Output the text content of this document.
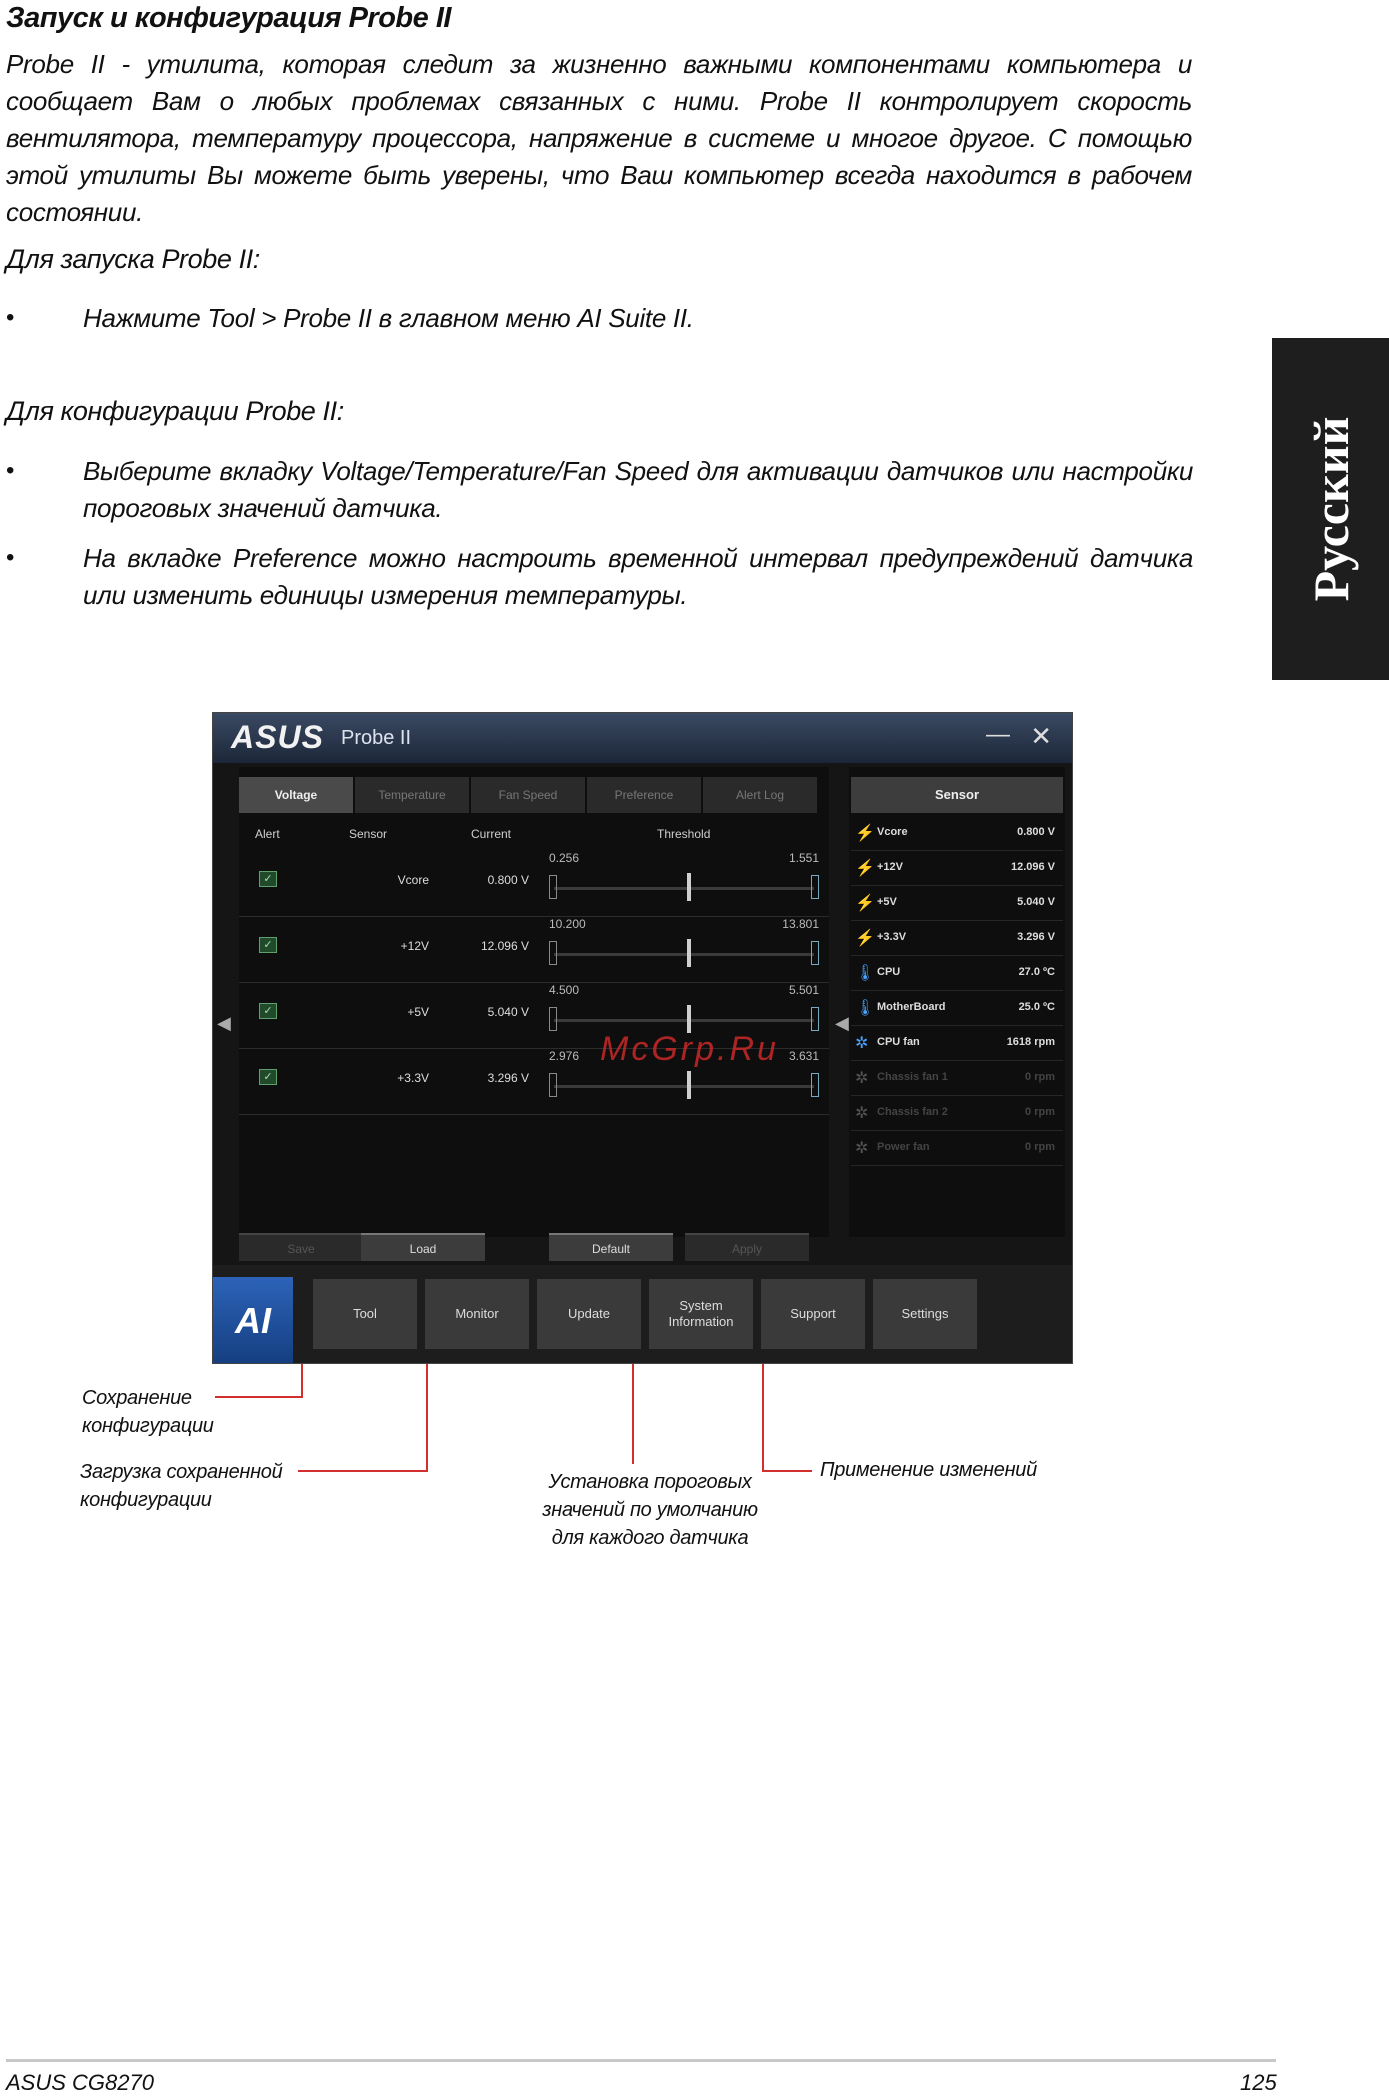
Запуск и конфигурация Probe II
Probe II - утилита, которая следит за жизненно важными компонентами компьютера и сообщает Вам о любых проблемах связанных с ними. Probe II контролирует скорость вентилятора, температуру процессора, напряжение в системе и многое другое. С помощью этой утилиты Вы можете быть уверены, что Ваш компьютер всегда находится в рабочем состоянии.
Для запуска Probe II:
•	Нажмите Tool > Probe II в главном меню AI Suite II.
Для конфигурации Probe II:
•	Выберите вкладку Voltage/Temperature/Fan Speed для активации датчиков или настройки пороговых значений датчика.
•	На вкладке Preference можно настроить временной интервал предупреждений датчика или изменить единицы измерения температуры.	Русский
ASUS Probe II	— ✕
◀	◀
Voltage	Temperature	Fan Speed	Preference	Alert Log
Alert	Sensor	Current	Threshold
✓	Vcore	0.800 V
0.256	1.551
✓	+12V	12.096 V
10.200	13.801
✓	+5V	5.040 V
4.500	5.501
✓	+3.3V	3.296 V
2.976	3.631
Sensor
⚡ Vcore	0.800 V
⚡ +12V	12.096 V
⚡ +5V	5.040 V
⚡ +3.3V	3.296 V
🌡 CPU	27.0 ºC
🌡 MotherBoard	25.0 ºC
✲ CPU fan	1618 rpm
✲ Chassis fan 1	0 rpm
✲ Chassis fan 2	0 rpm
✲ Power fan	0 rpm
Save	Load	Default	Apply
AI	Tool	Monitor	Update
System Information
Support	Settings
McGrp.Ru
Сохранение конфигурации
Загрузка сохраненной конфигурации
Установка пороговых значений по умолчанию для каждого датчика
Применение изменений
ASUS CG8270	125
